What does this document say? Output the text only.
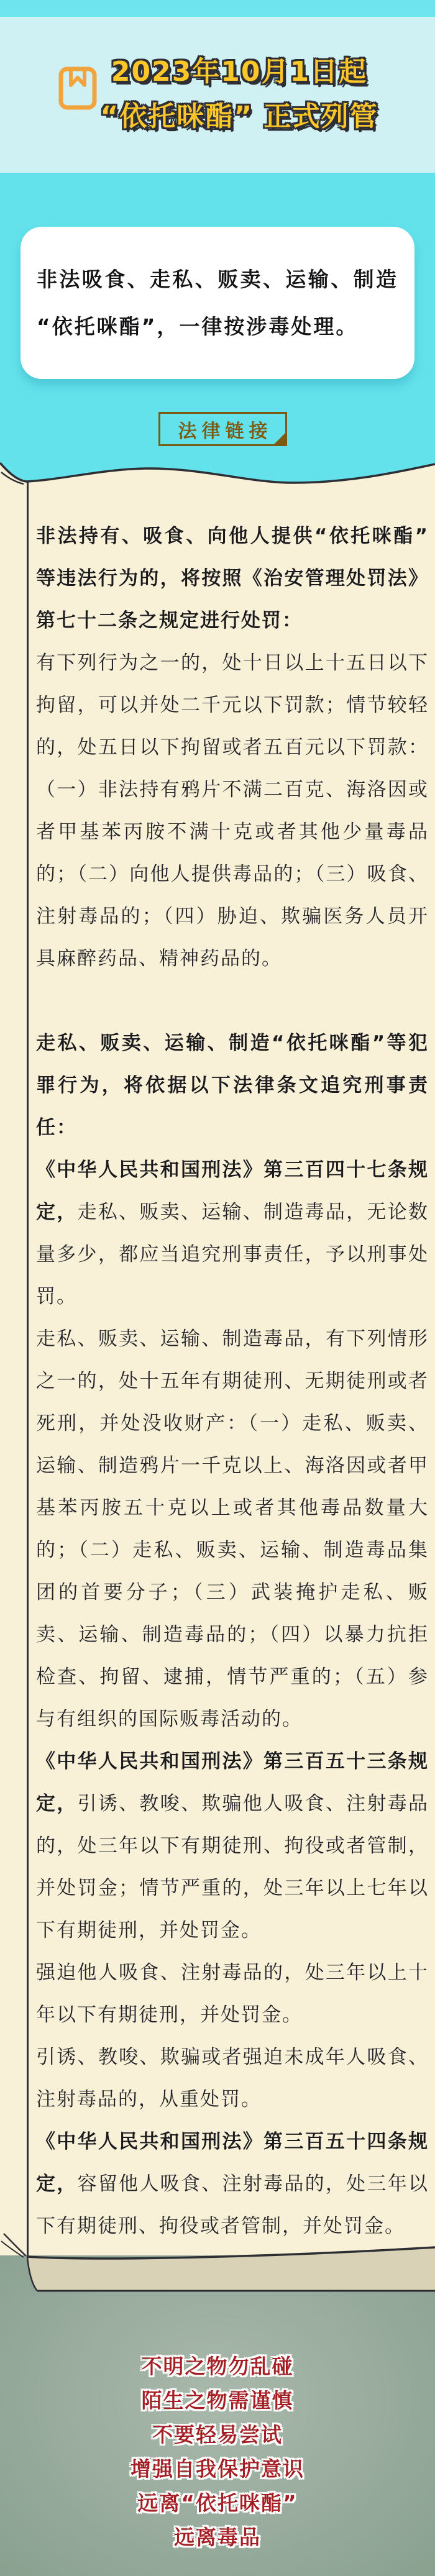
2023年10月1日起
“依托咪酯” 正式列管

非法吸食、走私、贩卖、运输、制造“依托咪酯”，一律按涉毒处理。

法律链接

非法持有、吸食、向他人提供“依托咪酯”等违法行为的，将按照《治安管理处罚法》第七十二条之规定进行处罚：

有下列行为之一的，处十日以上十五日以下拘留，可以并处二千元以下罚款；情节较轻的，处五日以下拘留或者五百元以下罚款：（一）非法持有鸦片不满二百克、海洛因或者甲基苯丙胺不满十克或者其他少量毒品的；（二）向他人提供毒品的；（三）吸食、注射毒品的；（四）胁迫、欺骗医务人员开具麻醉药品、精神药品的。

走私、贩卖、运输、制造“依托咪酯”等犯罪行为，将依据以下法律条文追究刑事责任：

《中华人民共和国刑法》第三百四十七条规定，走私、贩卖、运输、制造毒品，无论数量多少，都应当追究刑事责任，予以刑事处罚。

走私、贩卖、运输、制造毒品，有下列情形之一的，处十五年有期徒刑、无期徒刑或者死刑，并处没收财产：（一）走私、贩卖、运输、制造鸦片一千克以上、海洛因或者甲基苯丙胺五十克以上或者其他毒品数量大的；（二）走私、贩卖、运输、制造毒品集团的首要分子；（三）武装掩护走私、贩卖、运输、制造毒品的；（四）以暴力抗拒检查、拘留、逮捕，情节严重的；（五）参与有组织的国际贩毒活动的。

《中华人民共和国刑法》第三百五十三条规定，引诱、教唆、欺骗他人吸食、注射毒品的，处三年以下有期徒刑、拘役或者管制，并处罚金；情节严重的，处三年以上七年以下有期徒刑，并处罚金。

强迫他人吸食、注射毒品的，处三年以上十年以下有期徒刑，并处罚金。

引诱、教唆、欺骗或者强迫未成年人吸食、注射毒品的，从重处罚。

《中华人民共和国刑法》第三百五十四条规定，容留他人吸食、注射毒品的，处三年以下有期徒刑、拘役或者管制，并处罚金。

不明之物勿乱碰
陌生之物需谨慎
不要轻易尝试
增强自我保护意识
远离“依托咪酯”
远离毒品
